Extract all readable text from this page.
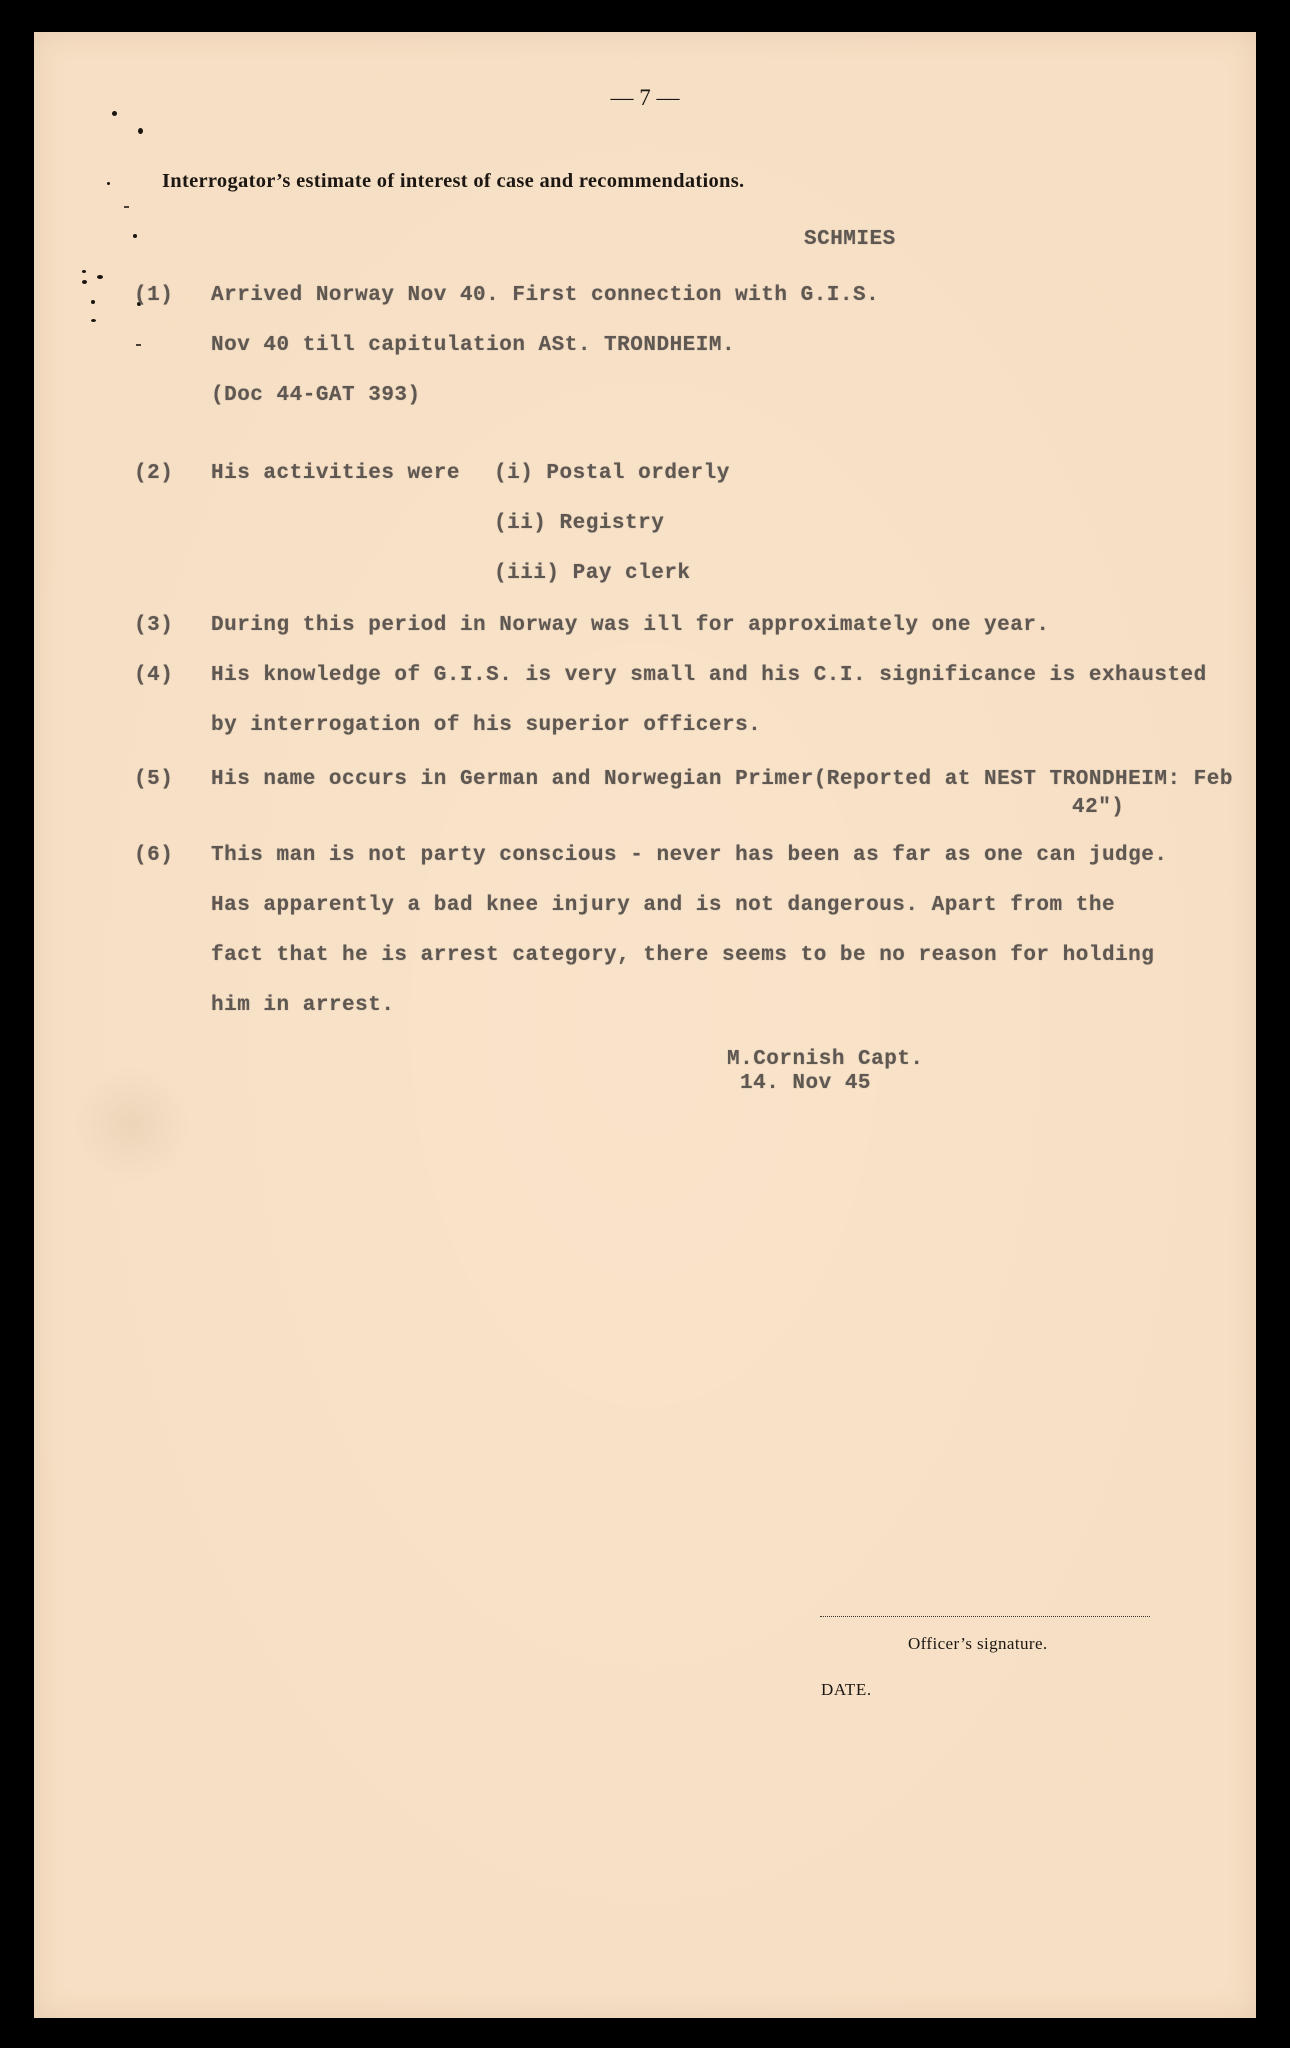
— 7 —
Interrogator’s estimate of interest of case and recommendations.
SCHMIES
(1) Arrived Norway Nov 40. First connection with G.I.S.
Nov 40 till capitulation ASt. TRONDHEIM.
(Doc 44-GAT 393)
(2) His activities were (i) Postal orderly
(ii) Registry
(iii) Pay clerk
(3) During this period in Norway was ill for approximately one year.
(4) His knowledge of G.I.S. is very small and his C.I. significance is exhausted
by interrogation of his superior officers.
(5) His name occurs in German and Norwegian Primer(Reported at NEST TRONDHEIM: Feb
42")
(6) This man is not party conscious - never has been as far as one can judge.
Has apparently a bad knee injury and is not dangerous. Apart from the
fact that he is arrest category, there seems to be no reason for holding
him in arrest.
M.Cornish Capt.
14. Nov 45
Officer’s signature.
DATE.
